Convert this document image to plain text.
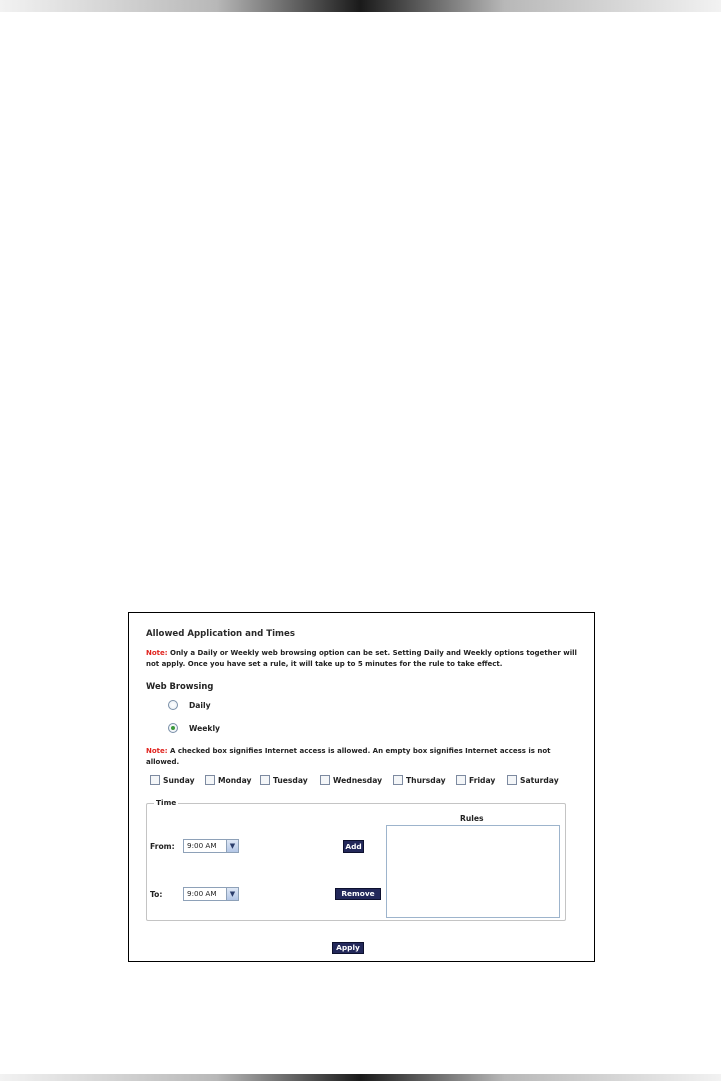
Allowed Application and Times
Note: Only a Daily or Weekly web browsing option can be set. Setting Daily and Weekly options together will not apply. Once you have set a rule, it will take up to 5 minutes for the rule to take effect.
Web Browsing
Daily
Weekly
Note: A checked box signifies Internet access is allowed. An empty box signifies Internet access is not allowed.
Sunday	Monday	Tuesday	Wednesday	Thursday	Friday	Saturday
Time
From:	9:00 AM	▼
To:	9:00 AM	▼
Add
Remove
Rules
Apply
